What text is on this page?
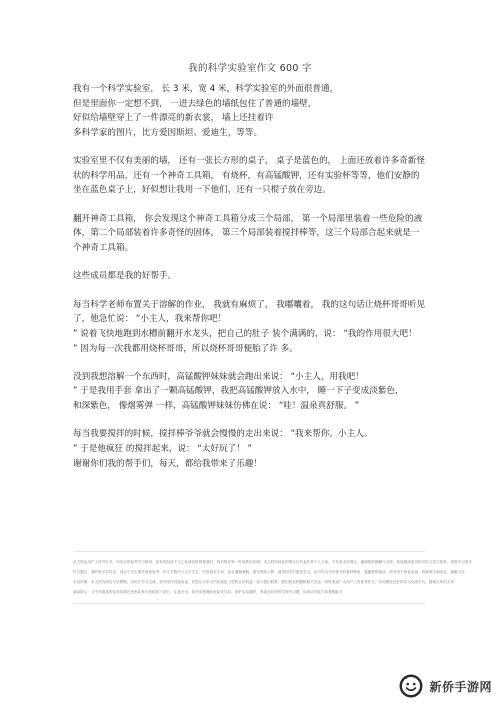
我的科学实验室作文 600 字

我有一个科学实验室， 长 3 米，宽 4 米，科学实验室的外面很普通，
但是里面你一定想不到， 一进去绿色的墙纸包住了普通的墙壁，
好似给墙壁穿上了一件漂亮的新衣裳， 墙上还挂着许
多科学家的图片，比方爱因斯坦、爱迪生，等等。

实验室里不仅有美丽的墙， 还有一张长方形的桌子， 桌子是蓝色的， 上面还放着许多奇新怪
状的科学用品，还有一个神奇工具箱， 有烧杯，有高锰酸钾，还有实验杯等等，他们安静的
坐在蓝色桌子上，好似想让我用一下他们，还有一只棍子放在旁边。

翻开神奇工具箱， 你会发现这个神奇工具箱分成三个局部， 第一个局部里装着一些危险的液
体，第二个局部装着许多奇怪的固体， 第三个局部装着搅拌棒等，这三个局部合起来就是一
个神奇工具箱。

这些成员都是我的好帮手。

每当科学老师布置关于溶解的作业， 我就有麻烦了， 我嘟囔着， 我的这句话让烧杯哥哥听见
了，他急忙说： “小主人，我来帮你吧！
” 说着飞快地跑到水槽前翻开水龙头，把自己的肚子 装个满满的，说： “我的作用很大吧！
” 因为每一次我都用烧杯哥哥，所以烧杯哥哥便胎了许 多。

没到我想溶解一个东西时，高锰酸钾妹妹就会跑出来说： “小主人，用我吧！
” 于是我用手套 拿出了一颗高锰酸钾，我把高锰酸钾放入水中， 睡一下子变成淡紫色，
和深紫色， 像烟雾弹 一样，高锰酸钾妹妹仿佛在说： “哇！温泉真舒服。 ”

每当我要搅拌的时候，搅拌棒爷爷就会慢慢的走出来说： “我来帮你。小主人。
” 于是他疯狂 的搅拌起来，说： “太好玩了！ ”
谢谢你们我的帮手们，每天，都给我带来了乐趣！

此文档由用户上传并分享，内容仅供参考学习使用，如有侵权或不当之处请及时联系我们，我们将在第一时间核实处理。本文档所涉及的观点仅代表作者个人立场，不代表本站观点，谢谢您的理解与支持，欢迎阅读更多相关作文范文资料，祝您学习进步
作文题目：我的科学实验室，适合小学生课外阅读参考，作文字数约六百字左右，内容真实生动，语言通顺流畅，描写细致入微，值得同学们借鉴学习，也可作为写作练习的素材使用，感谢您的阅读，请勿用于商业用途，转载请注明出处，谢谢合作
本站声明：本文档为网友分享整理，仅用于学习交流，请勿用作其他用途，若您认为本文内容侵犯了您的合法权益，请与我们联系，我们将及时删除相关内容，同时欢迎广大用户上传优秀作文，共同建设良好的学习交流平台，感谢大家的支持
阅读提示：文中所描述的实验均需在老师或家长的陪同下进行，注意安全，切勿单独操作危险化学品，爱护实验器材，养成良好的科学探究习惯，培养动手能力和观察能力
新侨手游网
